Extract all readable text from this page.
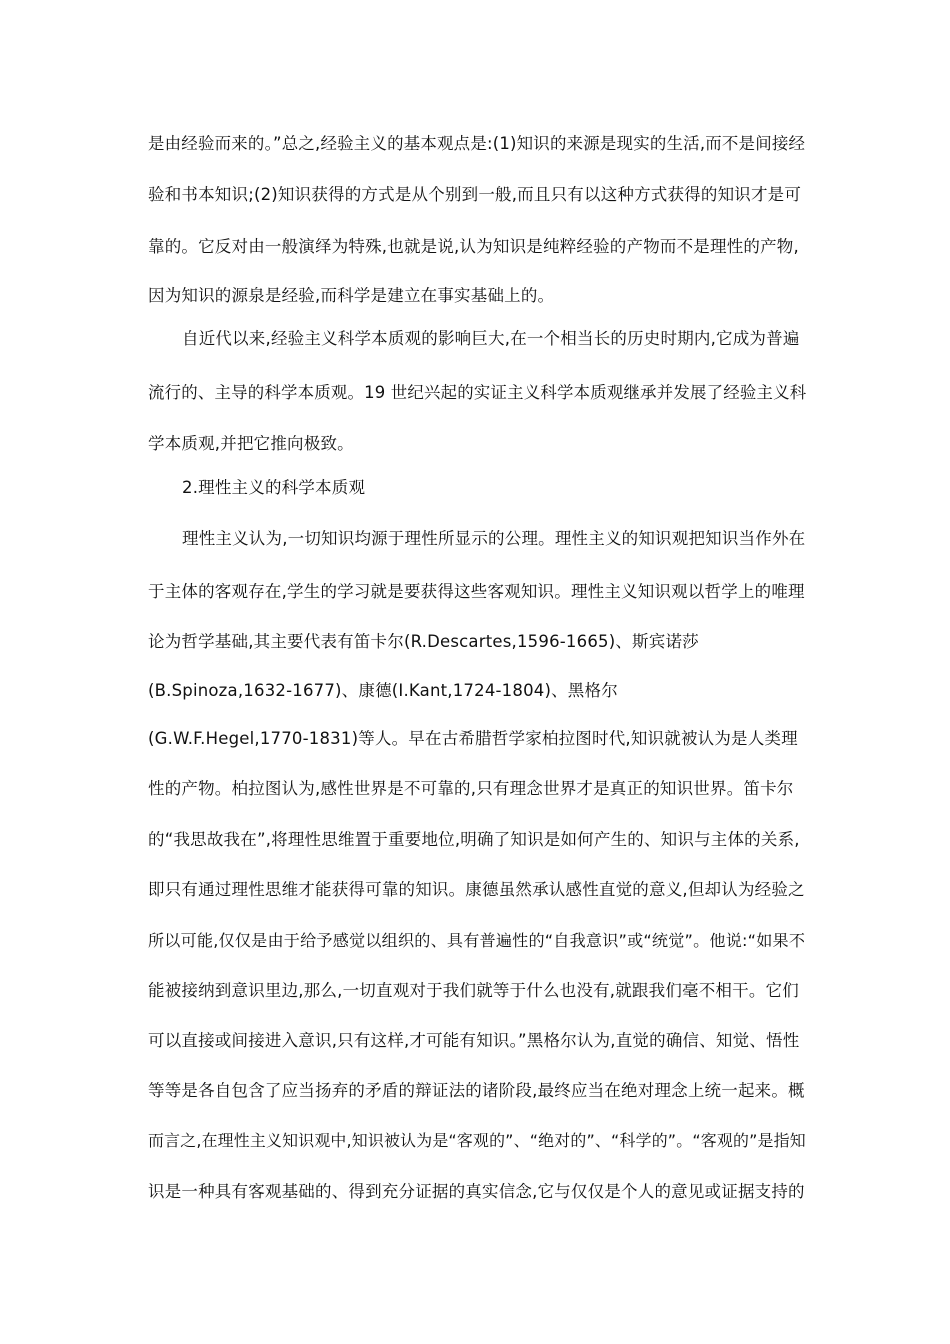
是由经验而来的。”总之,经验主义的基本观点是:(1)知识的来源是现实的生活,而不是间接经
验和书本知识;(2)知识获得的方式是从个别到一般,而且只有以这种方式获得的知识才是可
靠的。它反对由一般演绎为特殊,也就是说,认为知识是纯粹经验的产物而不是理性的产物,
因为知识的源泉是经验,而科学是建立在事实基础上的。
自近代以来,经验主义科学本质观的影响巨大,在一个相当长的历史时期内,它成为普遍
流行的、主导的科学本质观。19 世纪兴起的实证主义科学本质观继承并发展了经验主义科
学本质观,并把它推向极致。
2.理性主义的科学本质观
理性主义认为,一切知识均源于理性所显示的公理。理性主义的知识观把知识当作外在
于主体的客观存在,学生的学习就是要获得这些客观知识。理性主义知识观以哲学上的唯理
论为哲学基础,其主要代表有笛卡尔(R.Descartes,1596-1665)、斯宾诺莎
(B.Spinoza,1632-1677)、康德(I.Kant,1724-1804)、黑格尔
(G.W.F.Hegel,1770-1831)等人。早在古希腊哲学家柏拉图时代,知识就被认为是人类理
性的产物。柏拉图认为,感性世界是不可靠的,只有理念世界才是真正的知识世界。笛卡尔
的“我思故我在”,将理性思维置于重要地位,明确了知识是如何产生的、知识与主体的关系,
即只有通过理性思维才能获得可靠的知识。康德虽然承认感性直觉的意义,但却认为经验之
所以可能,仅仅是由于给予感觉以组织的、具有普遍性的“自我意识”或“统觉”。他说:“如果不
能被接纳到意识里边,那么,一切直观对于我们就等于什么也没有,就跟我们毫不相干。它们
可以直接或间接进入意识,只有这样,才可能有知识。”黑格尔认为,直觉的确信、知觉、悟性
等等是各自包含了应当扬弃的矛盾的辩证法的诸阶段,最终应当在绝对理念上统一起来。概
而言之,在理性主义知识观中,知识被认为是“客观的”、“绝对的”、“科学的”。“客观的”是指知
识是一种具有客观基础的、得到充分证据的真实信念,它与仅仅是个人的意见或证据支持的
